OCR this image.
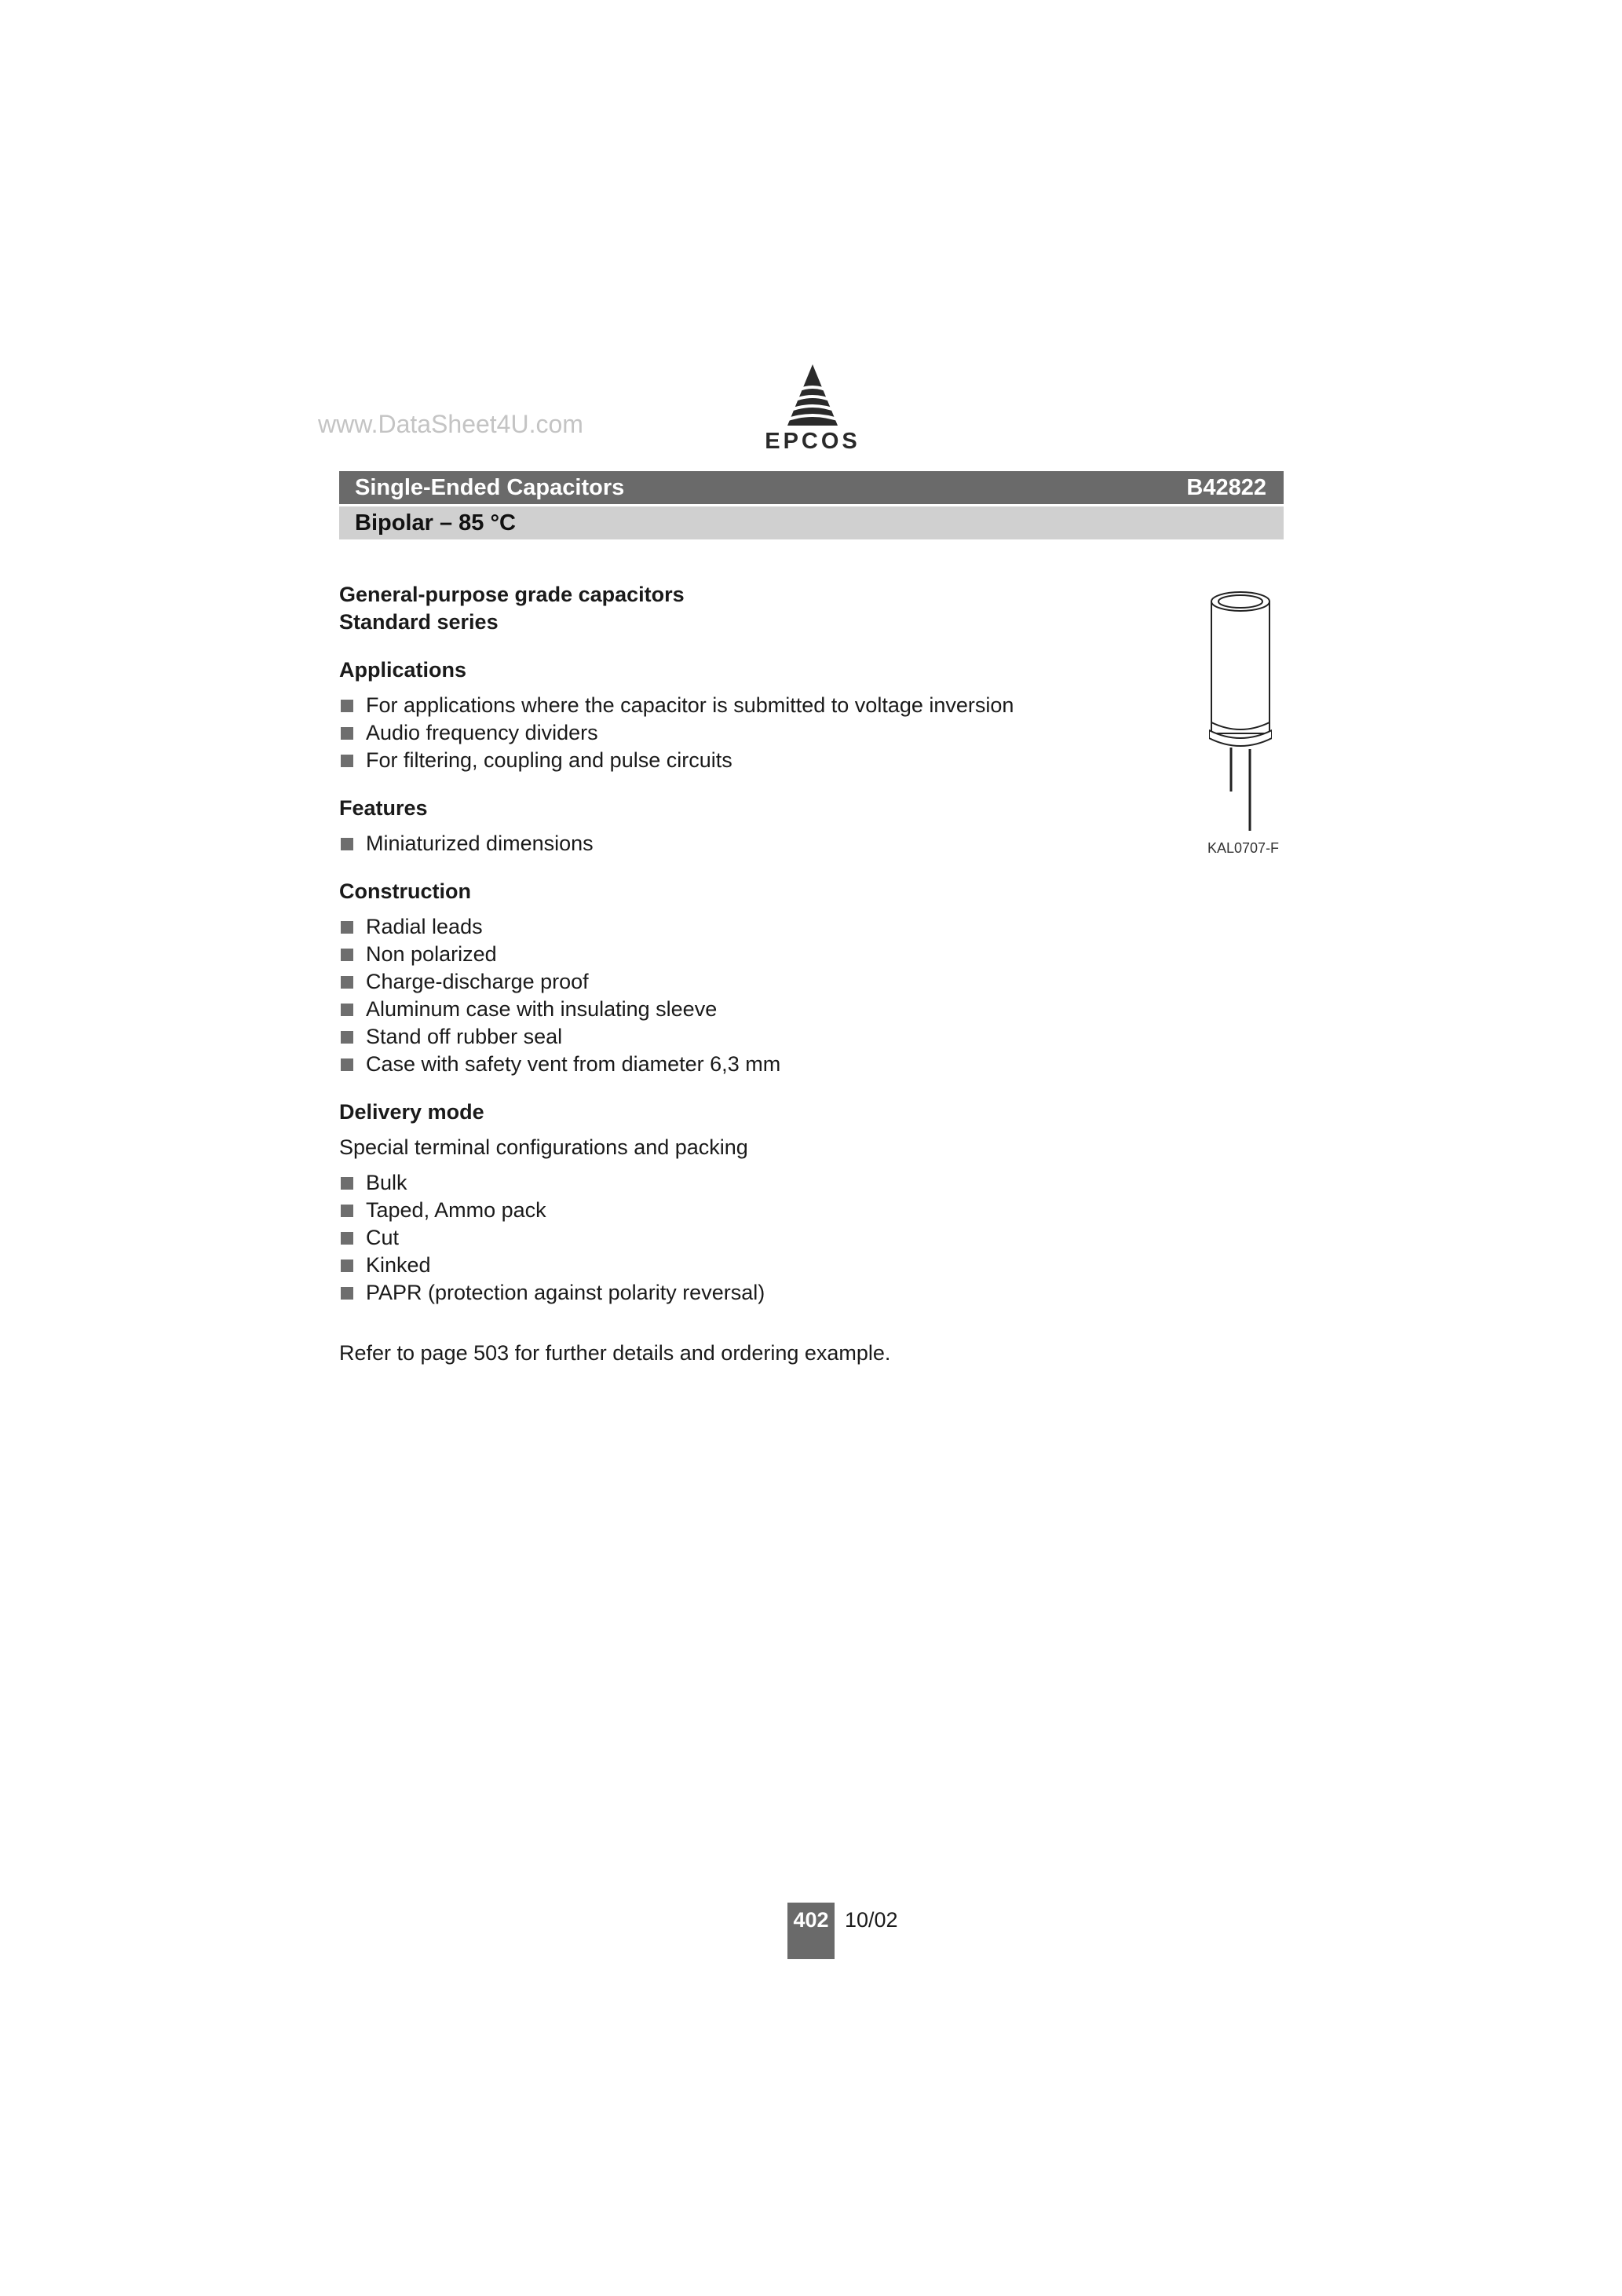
www.DataSheet4U.com
EPCOS
Single-Ended Capacitors	B42822
Bipolar – 85 °C
General-purpose grade capacitors
Standard series
Applications
For applications where the capacitor is submitted to voltage inversion
Audio frequency dividers
For filtering, coupling and pulse circuits
Features
Miniaturized dimensions
Construction
Radial leads
Non polarized
Charge-discharge proof
Aluminum case with insulating sleeve
Stand off rubber seal
Case with safety vent from diameter 6,3 mm
Delivery mode

Special terminal configurations and packing

Bulk
Taped, Ammo pack
Cut
Kinked
PAPR (protection against polarity reversal)

Refer to page 503 for further details and ordering example.

KAL0707-F
402 10/02
